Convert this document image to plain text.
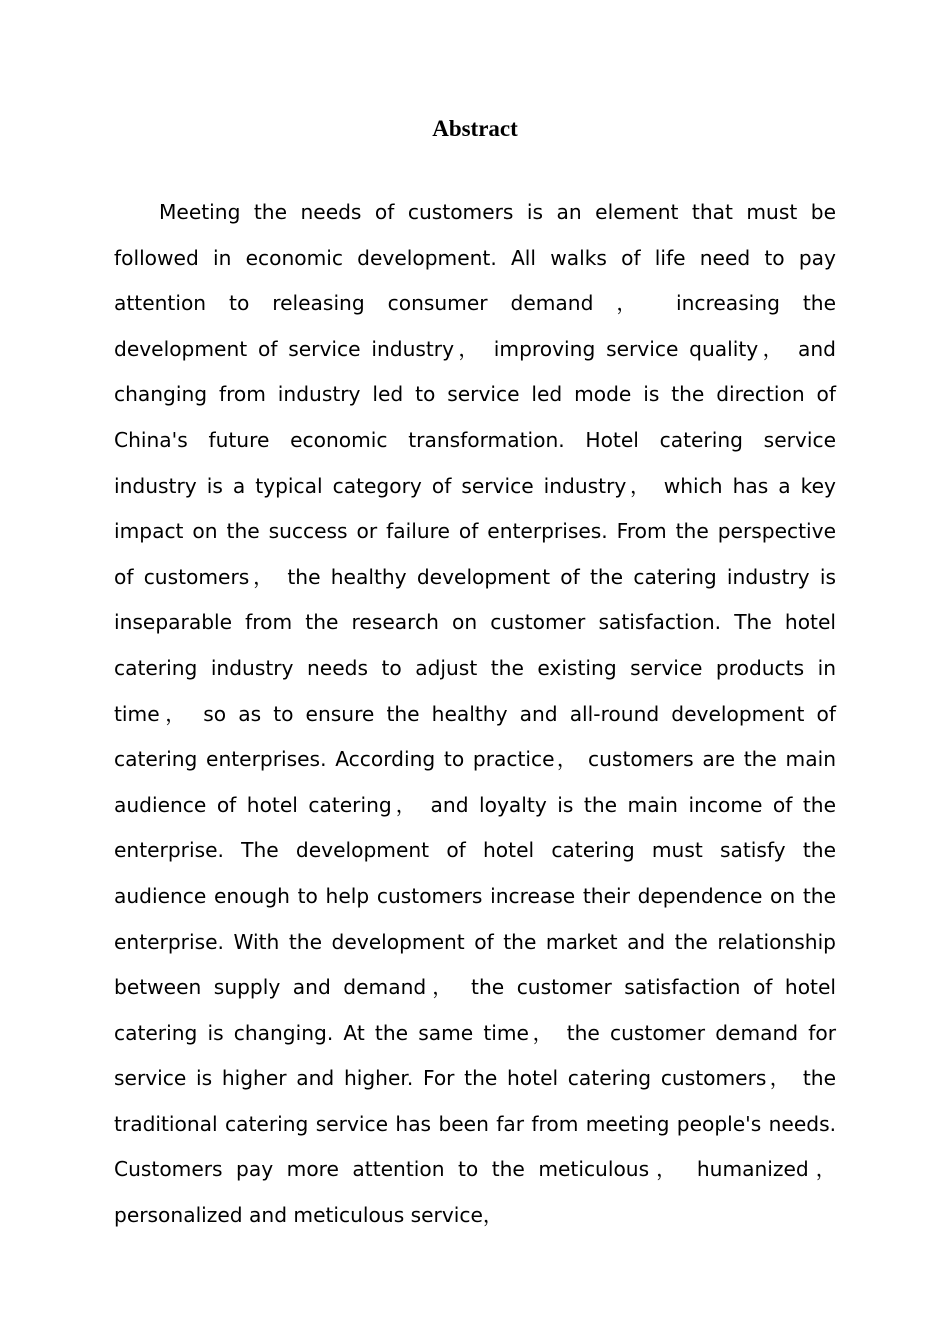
Abstract

Meeting the needs of customers is an element that must be followed in economic development. All walks of life need to pay attention to releasing consumer demand ， increasing the development of service industry， improving service quality， and changing from industry led to service led mode is the direction of China's future economic transformation. Hotel catering service industry is a typical category of service industry， which has a key impact on the success or failure of enterprises. From the perspective of customers， the healthy development of the catering industry is inseparable from the research on customer satisfaction. The hotel catering industry needs to adjust the existing service products in time， so as to ensure the healthy and all-round development of catering enterprises. According to practice， customers are the main audience of hotel catering， and loyalty is the main income of the enterprise. The development of hotel catering must satisfy the audience enough to help customers increase their dependence on the enterprise. With the development of the market and the relationship between supply and demand， the customer satisfaction of hotel catering is changing. At the same time， the customer demand for service is higher and higher. For the hotel catering customers， the traditional catering service has been far from meeting people's needs. Customers pay more attention to the meticulous， humanized， personalized and meticulous service，
